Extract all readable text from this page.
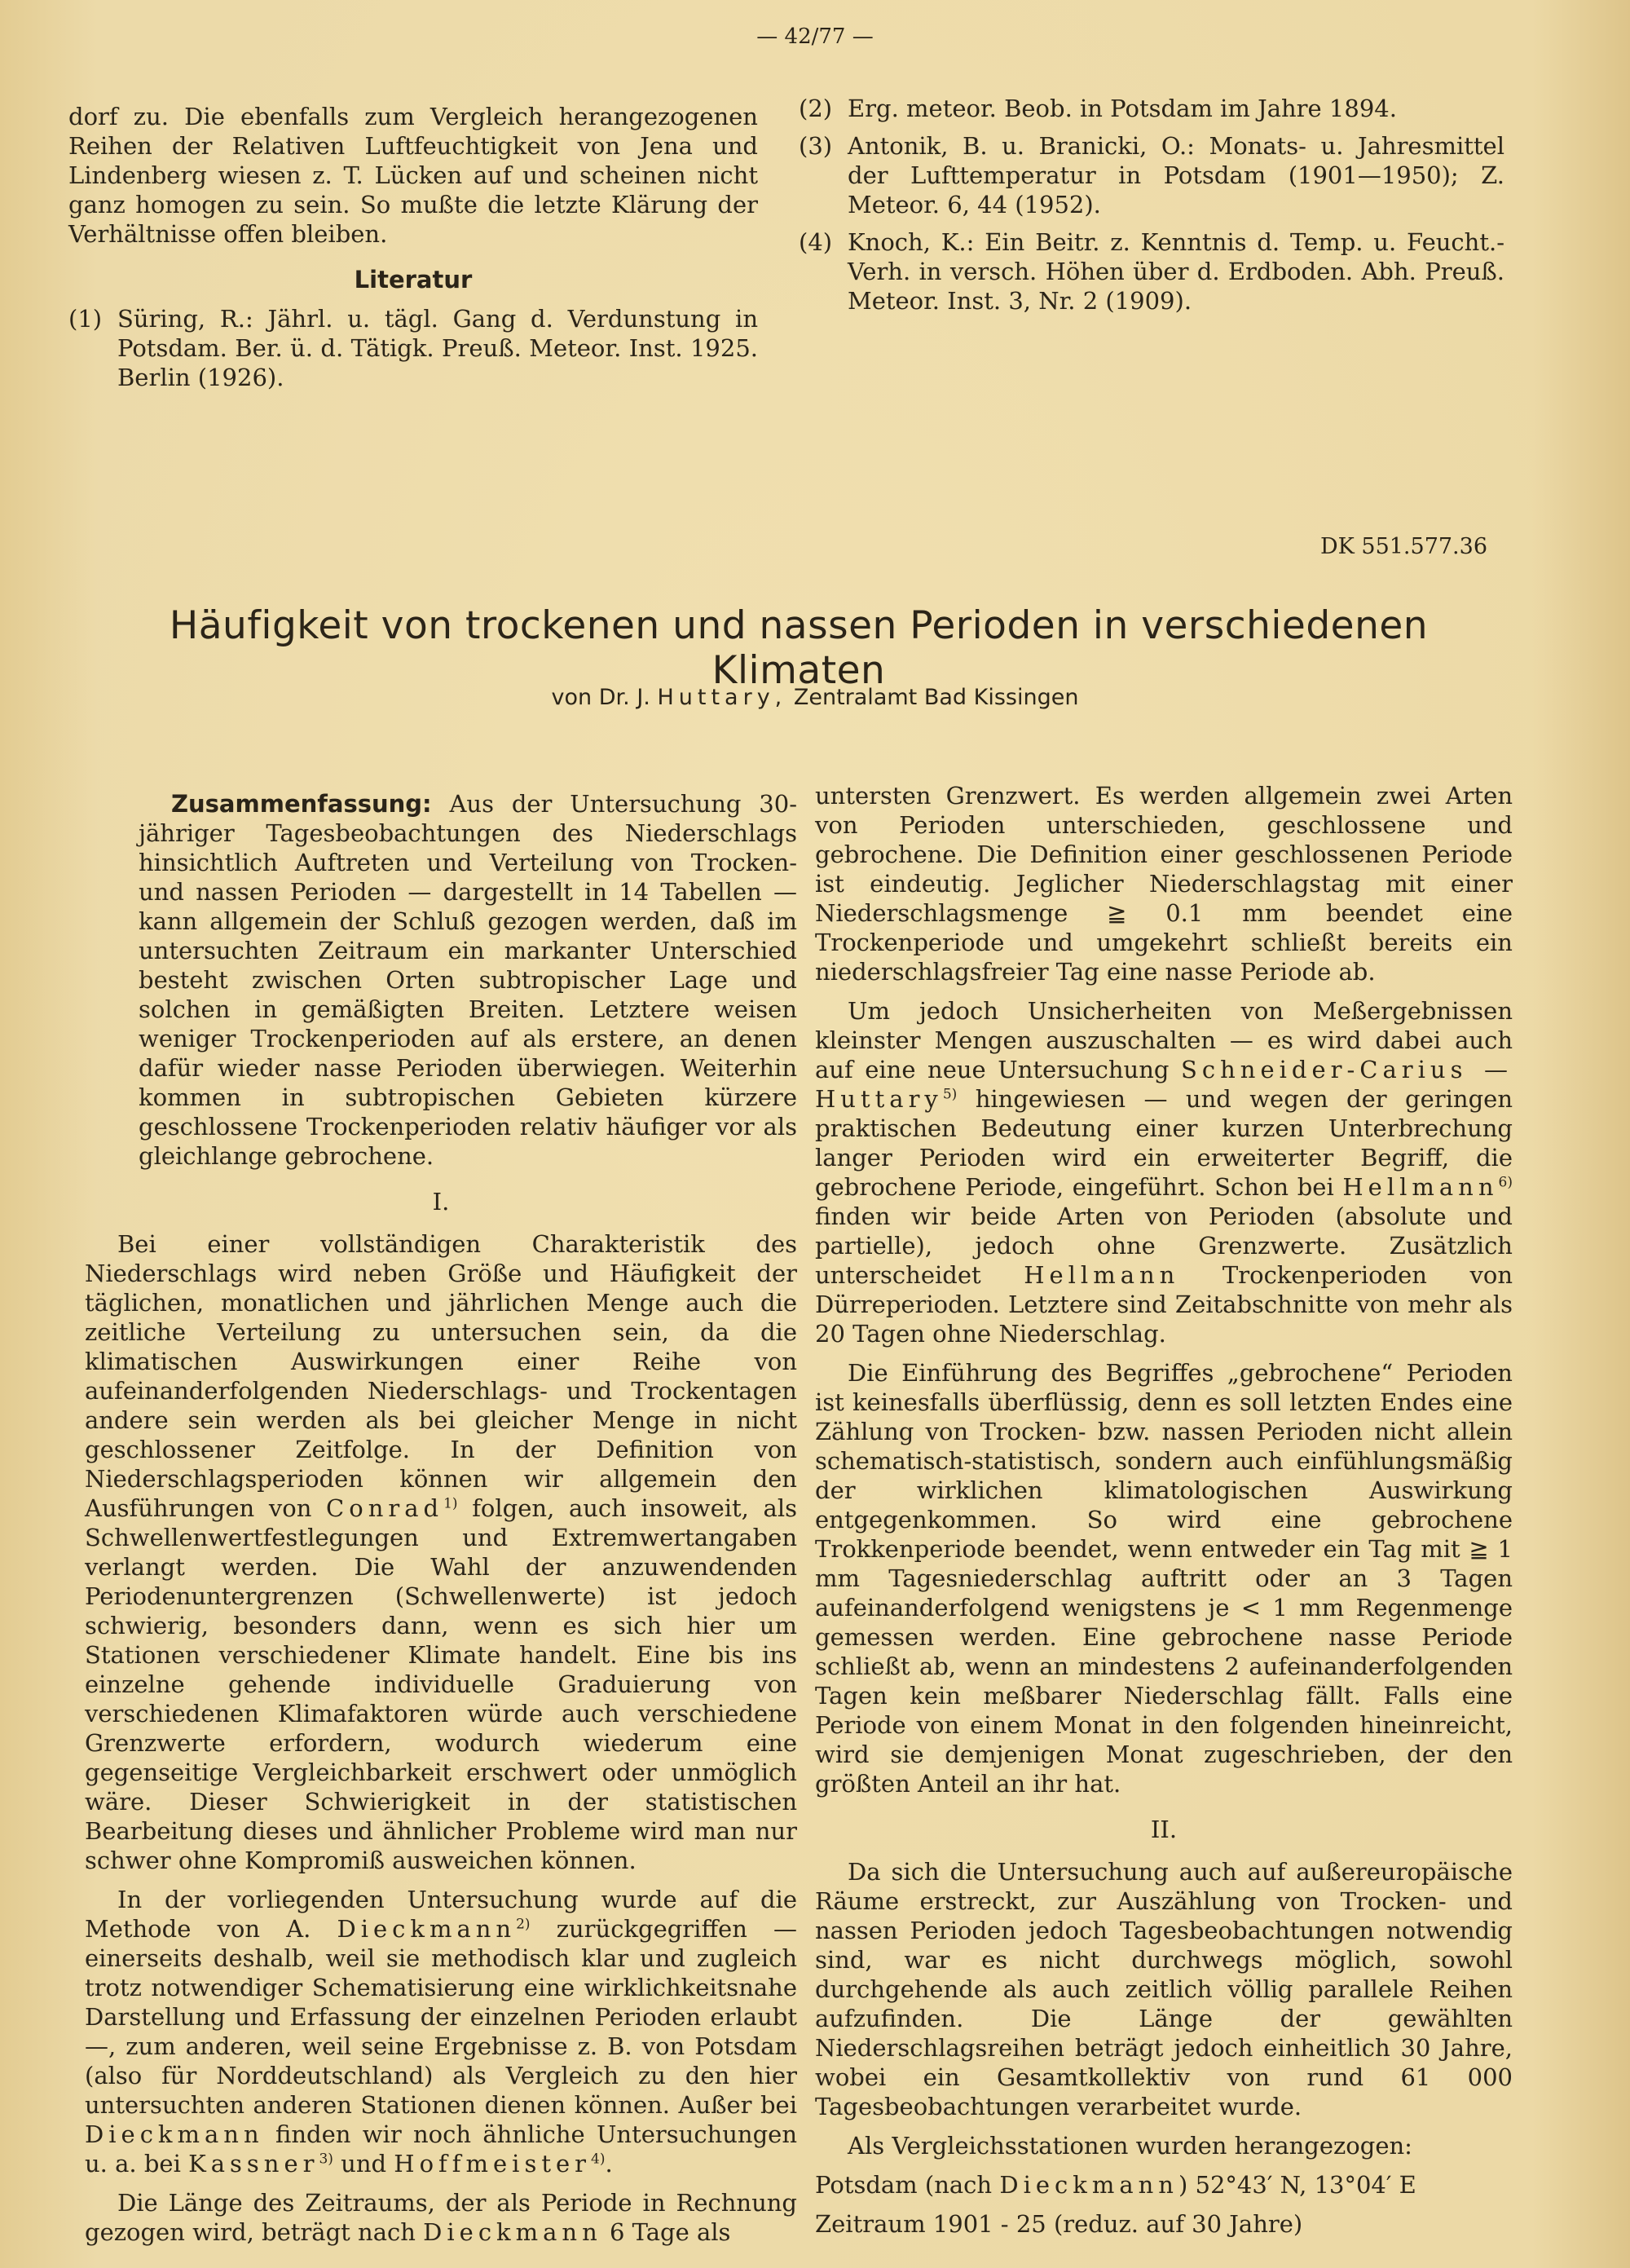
— 42/77 —

dorf zu. Die ebenfalls zum Vergleich herangezogenen Reihen der Relativen Luftfeuchtigkeit von Jena und Lindenberg wiesen z. T. Lücken auf und scheinen nicht ganz homogen zu sein. So mußte die letzte Klärung der Verhältnisse offen bleiben.

Literatur

(1) Süring, R.: Jährl. u. tägl. Gang d. Verdunstung in Potsdam. Ber. ü. d. Tätigk. Preuß. Meteor. Inst. 1925. Berlin (1926).
(2) Erg. meteor. Beob. in Potsdam im Jahre 1894.
(3) Antonik, B. u. Branicki, O.: Monats- u. Jahresmittel der Lufttemperatur in Potsdam (1901—1950); Z. Meteor. 6, 44 (1952).
(4) Knoch, K.: Ein Beitr. z. Kenntnis d. Temp. u. Feucht.-Verh. in versch. Höhen über d. Erdboden. Abh. Preuß. Meteor. Inst. 3, Nr. 2 (1909).
DK 551.577.36
Häufigkeit von trockenen und nassen Perioden in verschiedenen Klimaten
von Dr. J. Huttary, Zentralamt Bad Kissingen

Zusammenfassung: Aus der Untersuchung 30-jähriger Tagesbeobachtungen des Niederschlags hinsichtlich Auftreten und Verteilung von Trocken- und nassen Perioden — dargestellt in 14 Tabellen — kann allgemein der Schluß gezogen werden, daß im untersuchten Zeitraum ein markanter Unterschied besteht zwischen Orten subtropischer Lage und solchen in gemäßigten Breiten. Letztere weisen weniger Trockenperioden auf als erstere, an denen dafür wieder nasse Perioden überwiegen. Weiterhin kommen in subtropischen Gebieten kürzere geschlossene Trockenperioden relativ häufiger vor als gleichlange gebrochene.

I.

Bei einer vollständigen Charakteristik des Niederschlags wird neben Größe und Häufigkeit der täglichen, monatlichen und jährlichen Menge auch die zeitliche Verteilung zu untersuchen sein, da die klimatischen Auswirkungen einer Reihe von aufeinanderfolgenden Niederschlags- und Trockentagen andere sein werden als bei gleicher Menge in nicht geschlossener Zeitfolge. In der Definition von Niederschlagsperioden können wir allgemein den Ausführungen von Conrad$^{1)}$ folgen, auch insoweit, als Schwellenwertfestlegungen und Extremwertangaben verlangt werden. Die Wahl der anzuwendenden Periodenuntergrenzen (Schwellenwerte) ist jedoch schwierig, besonders dann, wenn es sich hier um Stationen verschiedener Klimate handelt. Eine bis ins einzelne gehende individuelle Graduierung von verschiedenen Klimafaktoren würde auch verschiedene Grenzwerte erfordern, wodurch wiederum eine gegenseitige Vergleichbarkeit erschwert oder unmöglich wäre. Dieser Schwierigkeit in der statistischen Bearbeitung dieses und ähnlicher Probleme wird man nur schwer ohne Kompromiß ausweichen können.

In der vorliegenden Untersuchung wurde auf die Methode von A. Dieckmann$^{2)}$ zurückgegriffen — einerseits deshalb, weil sie methodisch klar und zugleich trotz notwendiger Schematisierung eine wirklichkeitsnahe Darstellung und Erfassung der einzelnen Perioden erlaubt —, zum anderen, weil seine Ergebnisse z. B. von Potsdam (also für Norddeutschland) als Vergleich zu den hier untersuchten anderen Stationen dienen können. Außer bei Dieckmann finden wir noch ähnliche Untersuchungen u. a. bei Kassner$^{3)}$ und Hoffmeister$^{4)}$.

Die Länge des Zeitraums, der als Periode in Rechnung gezogen wird, beträgt nach Dieckmann 6 Tage als

untersten Grenzwert. Es werden allgemein zwei Arten von Perioden unterschieden, geschlossene und gebrochene. Die Definition einer geschlossenen Periode ist eindeutig. Jeglicher Niederschlagstag mit einer Niederschlagsmenge ≧ 0.1 mm beendet eine Trockenperiode und umgekehrt schließt bereits ein niederschlagsfreier Tag eine nasse Periode ab.

Um jedoch Unsicherheiten von Meßergebnissen kleinster Mengen auszuschalten — es wird dabei auch auf eine neue Untersuchung Schneider-Carius — Huttary$^{5)}$ hingewiesen — und wegen der geringen praktischen Bedeutung einer kurzen Unterbrechung langer Perioden wird ein erweiterter Begriff, die gebrochene Periode, eingeführt. Schon bei Hellmann$^{6)}$ finden wir beide Arten von Perioden (absolute und partielle), jedoch ohne Grenzwerte. Zusätzlich unterscheidet Hellmann Trockenperioden von Dürreperioden. Letztere sind Zeitabschnitte von mehr als 20 Tagen ohne Niederschlag.

Die Einführung des Begriffes „gebrochene“ Perioden ist keinesfalls überflüssig, denn es soll letzten Endes eine Zählung von Trocken- bzw. nassen Perioden nicht allein schematisch-statistisch, sondern auch einfühlungsmäßig der wirklichen klimatologischen Auswirkung entgegenkommen. So wird eine gebrochene Trokkenperiode beendet, wenn entweder ein Tag mit ≧ 1 mm Tagesniederschlag auftritt oder an 3 Tagen aufeinanderfolgend wenigstens je < 1 mm Regenmenge gemessen werden. Eine gebrochene nasse Periode schließt ab, wenn an mindestens 2 aufeinanderfolgenden Tagen kein meßbarer Niederschlag fällt. Falls eine Periode von einem Monat in den folgenden hineinreicht, wird sie demjenigen Monat zugeschrieben, der den größten Anteil an ihr hat.

II.

Da sich die Untersuchung auch auf außereuropäische Räume erstreckt, zur Auszählung von Trocken- und nassen Perioden jedoch Tagesbeobachtungen notwendig sind, war es nicht durchwegs möglich, sowohl durchgehende als auch zeitlich völlig parallele Reihen aufzufinden. Die Länge der gewählten Niederschlagsreihen beträgt jedoch einheitlich 30 Jahre, wobei ein Gesamtkollektiv von rund 61 000 Tagesbeobachtungen verarbeitet wurde.

Als Vergleichsstationen wurden herangezogen:

Potsdam (nach Dieckmann) 52°43′ N, 13°04′ E

Zeitraum 1901 - 25 (reduz. auf 30 Jahre)
